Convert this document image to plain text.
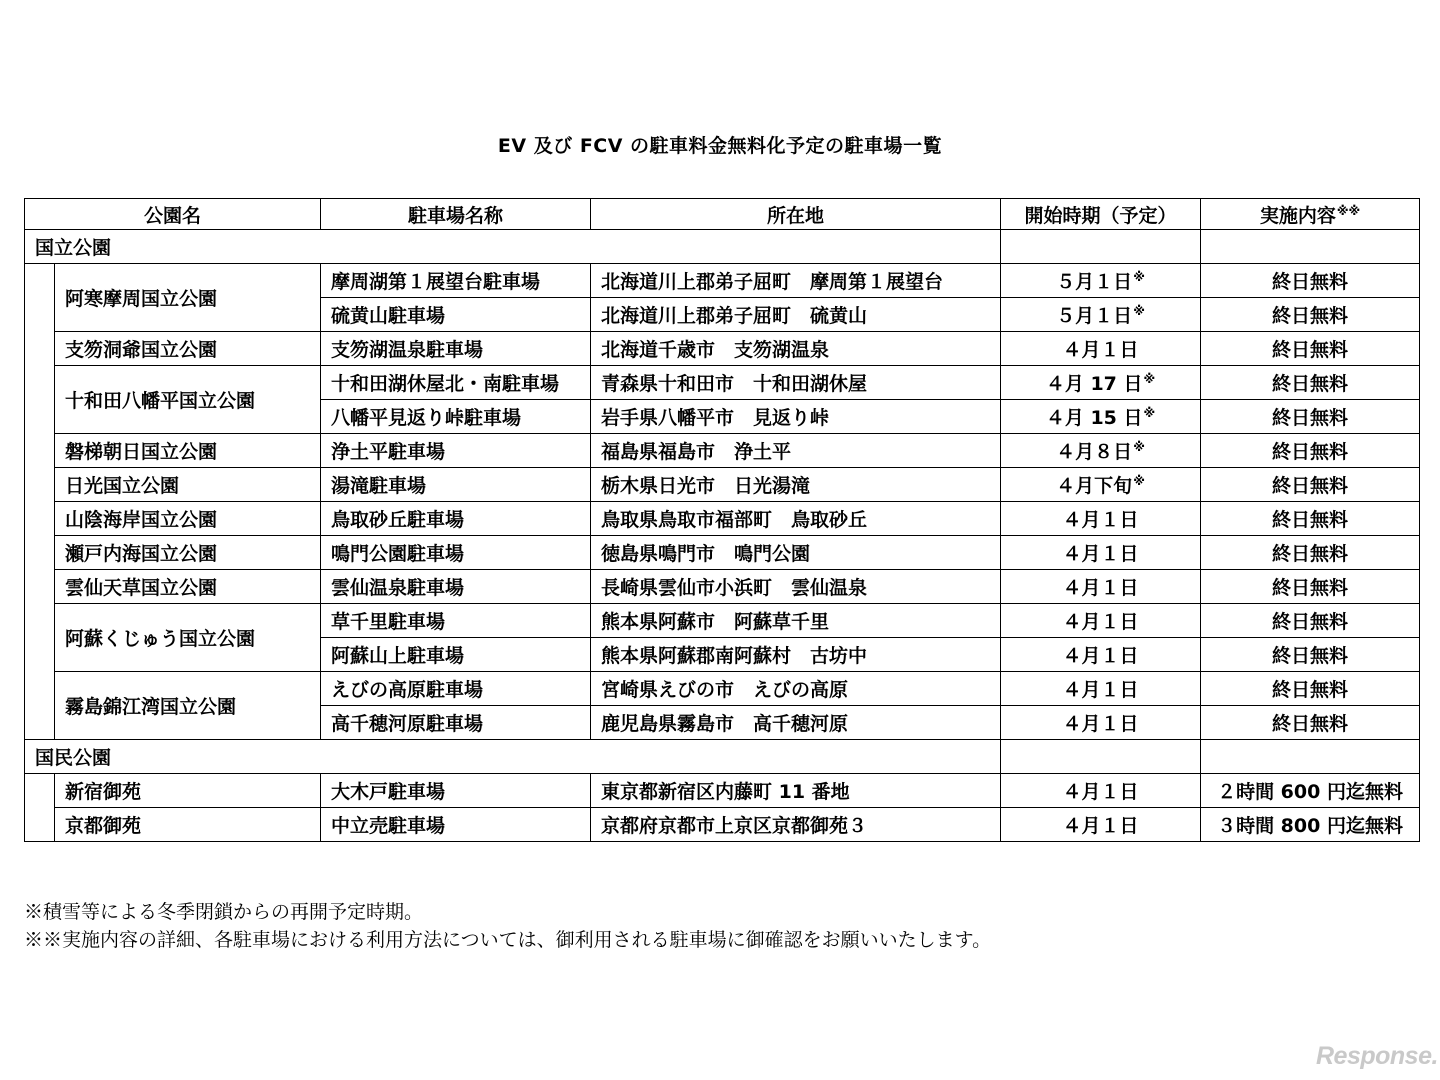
EV 及び FCV の駐車料金無料化予定の駐車場一覧
公園名		駐車場名称	所在地	開始時期（予定）	実施内容※※
国立公園					
	阿寒摩周国立公園	摩周湖第１展望台駐車場	北海道川上郡弟子屈町　摩周第１展望台	５月１日※	終日無料
		硫黄山駐車場	北海道川上郡弟子屈町　硫黄山	５月１日※	終日無料
	支笏洞爺国立公園	支笏湖温泉駐車場	北海道千歳市　支笏湖温泉	４月１日	終日無料
	十和田八幡平国立公園	十和田湖休屋北・南駐車場	青森県十和田市　十和田湖休屋	４月 17 日※	終日無料
		八幡平見返り峠駐車場	岩手県八幡平市　見返り峠	４月 15 日※	終日無料
	磐梯朝日国立公園	浄土平駐車場	福島県福島市　浄土平	４月８日※	終日無料
	日光国立公園	湯滝駐車場	栃木県日光市　日光湯滝	４月下旬※	終日無料
	山陰海岸国立公園	鳥取砂丘駐車場	鳥取県鳥取市福部町　鳥取砂丘	４月１日	終日無料
	瀬戸内海国立公園	鳴門公園駐車場	徳島県鳴門市　鳴門公園	４月１日	終日無料
	雲仙天草国立公園	雲仙温泉駐車場	長崎県雲仙市小浜町　雲仙温泉	４月１日	終日無料
	阿蘇くじゅう国立公園	草千里駐車場	熊本県阿蘇市　阿蘇草千里	４月１日	終日無料
		阿蘇山上駐車場	熊本県阿蘇郡南阿蘇村　古坊中	４月１日	終日無料
	霧島錦江湾国立公園	えびの高原駐車場	宮崎県えびの市　えびの高原	４月１日	終日無料
		高千穂河原駐車場	鹿児島県霧島市　高千穂河原	４月１日	終日無料
国民公園					
	新宿御苑	大木戸駐車場	東京都新宿区内藤町 11 番地	４月１日	２時間 600 円迄無料
	京都御苑	中立売駐車場	京都府京都市上京区京都御苑３	４月１日	３時間 800 円迄無料
※積雪等による冬季閉鎖からの再開予定時期。
※※実施内容の詳細、各駐車場における利用方法については、御利用される駐車場に御確認をお願いいたします。
Response.
